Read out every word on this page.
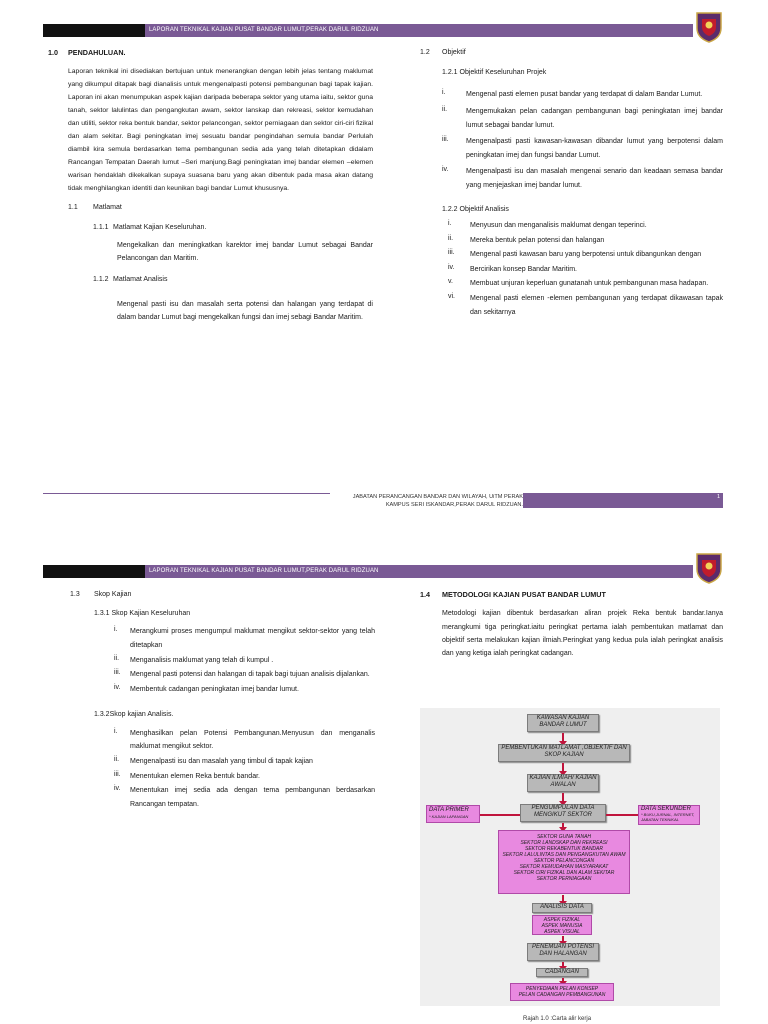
LAPORAN TEKNIKAL KAJIAN PUSAT BANDAR LUMUT,PERAK DARUL RIDZUAN
1.0	PENDAHULUAN.
Laporan teknikal ini disediakan bertujuan untuk menerangkan dengan lebih jelas tentang maklumat yang dikumpul ditapak bagi dianalisis untuk mengenalpasti potensi pembangunan bagi tapak kajian. Laporan ini akan menumpukan aspek kajian daripada beberapa sektor yang utama iaitu, sektor guna tanah, sektor lalulintas dan pengangkutan awam, sektor lanskap dan rekreasi, sektor kemudahan dan utiliti, sektor reka bentuk bandar, sektor pelancongan, sektor perniagaan dan sektor ciri-ciri fizikal dan alam sekitar. Bagi peningkatan imej sesuatu bandar pengindahan semula bandar Perlulah diambil kira semula berdasarkan tema pembangunan sedia ada yang telah ditetapkan didalam Rancangan Tempatan Daerah lumut –Seri manjung.Bagi peningkatan imej bandar elemen –elemen warisan hendaklah dikekalkan supaya suasana baru yang akan dibentuk pada masa akan datang tidak menghilangkan identiti dan keunikan bagi bandar Lumut khususnya.
1.1	Matlamat
1.1.1 Matlamat Kajian Keseluruhan.
Mengekalkan dan meningkatkan karektor imej bandar Lumut sebagai Bandar Pelancongan dan Maritim.
1.1.2 Matlamat Analisis
Mengenal pasti isu dan masalah serta potensi dan halangan yang terdapat di dalam bandar Lumut bagi mengekalkan fungsi dan imej sebagi Bandar Maritim.
1.2	Objektif
1.2.1 Objektif Keseluruhan Projek
i.	Mengenal pasti elemen pusat bandar yang terdapat di dalam Bandar Lumut.
ii.	Mengemukakan pelan cadangan pembangunan bagi peningkatan imej bandar lumut sebagai bandar lumut.
iii.	Mengenalpasti pasti kawasan-kawasan dibandar lumut yang berpotensi dalam peningkatan imej dan fungsi bandar Lumut.
iv.	Mengenalpasti isu dan masalah mengenai senario dan keadaan semasa bandar yang menjejaskan imej bandar lumut.
1.2.2 Objektif Analisis
i.	Menyusun dan menganalisis maklumat dengan teperinci.
ii.	Mereka bentuk pelan potensi dan halangan
iii.	Mengenal pasti kawasan baru yang berpotensi untuk dibangunkan dengan
iv.	Bercirikan konsep Bandar Maritim.
v.	Membuat unjuran keperluan gunatanah untuk pembangunan masa hadapan.
vi.	Mengenal pasti elemen -elemen pembangunan yang terdapat dikawasan tapak dan sekitarnya
JABATAN PERANCANGAN BANDAR DAN WILAYAH, UiTM PERAK
KAMPUS SERI ISKANDAR,PERAK DARUL RIDZUAN.
1
LAPORAN TEKNIKAL KAJIAN PUSAT BANDAR LUMUT,PERAK DARUL RIDZUAN
1.3	Skop Kajian
1.3.1 Skop Kajian Keseluruhan
i.	Merangkumi proses mengumpul maklumat mengikut sektor-sektor yang telah ditetapkan
ii.	Menganalisis maklumat yang telah di kumpul .
iii.	Mengenal pasti potensi dan halangan di tapak bagi tujuan analisis dijalankan.
iv.	Membentuk cadangan peningkatan imej bandar lumut.
1.3.2Skop kajian Analisis.
i.	Menghasilkan pelan Potensi Pembangunan.Menyusun dan menganalis maklumat mengikut sektor.
ii.	Mengenalpasti isu dan masalah yang timbul di tapak kajian
iii.	Menentukan elemen Reka bentuk bandar.
iv.	Menentukan imej sedia ada dengan tema pembangunan berdasarkan Rancangan tempatan.
1.4	METODOLOGI KAJIAN PUSAT BANDAR LUMUT
Metodologi kajian dibentuk berdasarkan aliran projek Reka bentuk bandar.Ianya merangkumi tiga peringkat.iaitu peringkat pertama ialah pembentukan matlamat dan objektif serta melakukan kajian ilmiah.Peringkat yang kedua pula ialah peringkat analisis dan yang ketiga ialah peringkat cadangan.
KAWASAN KAJIAN BANDAR LUMUT
PEMBENTUKAN MATLAMAT ,OBJEKTIF DAN SKOP KAJIAN
KAJIAN ILMIAH/ KAJIAN AWALAN
PENGUMPULAN DATA MENGIKUT SEKTOR
DATA PRIMER
* KAJIAN LAPANGAN
DATA SEKUNDER
* BUKU,JURNAL, INTERNET, JABATAN TEKNIKAL
SEKTOR GUNA TANAH
SEKTOR LANDSKAP DAN REKREASI
SEKTOR REKABENTUK BANDAR
SEKTOR LALULINTAS DAN PENGANGKUTAN AWAM
SEKTOR PELANCONGAN
SEKTOR KEMUDAHAN MASYARAKAT
SEKTOR CIRI FIZIKAL DAN ALAM SEKITAR
SEKTOR PERNIAGAAN
ANALISIS DATA
ASPEK FIZIKAL
ASPEK MANUSIA
ASPEK VISUAL
PENEMUAN POTENSI DAN HALANGAN
CADANGAN
PENYEDIAAN PELAN KONSEP
PELAN CADANGAN PEMBANGUNAN
Rajah 1.0 :Carta alir kerja
